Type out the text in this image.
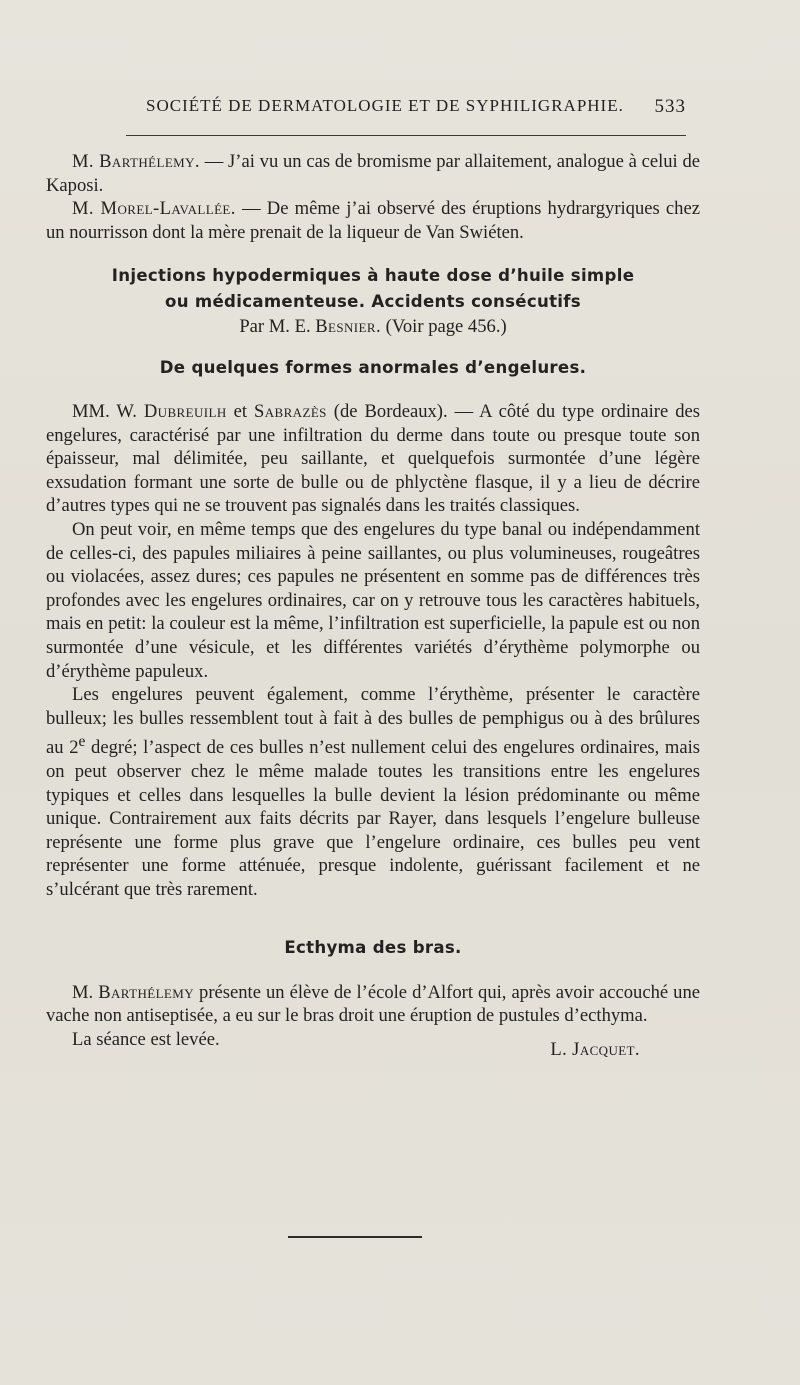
SOCIÉTÉ DE DERMATOLOGIE ET DE SYPHILIGRAPHIE. 533

M. Barthélemy. — J’ai vu un cas de bromisme par allaitement, analogue à celui de Kaposi.

M. Morel-Lavallée. — De même j’ai observé des éruptions hydrargyriques chez un nourrisson dont la mère prenait de la liqueur de Van Swiéten.

Injections hypodermiques à haute dose d’huile simple
ou médicamenteuse. Accidents consécutifs
Par M. E. Besnier. (Voir page 456.)
De quelques formes anormales d’engelures.

MM. W. Dubreuilh et Sabrazès (de Bordeaux). — A côté du type ordinaire des engelures, caractérisé par une infiltration du derme dans toute ou presque toute son épaisseur, mal délimitée, peu saillante, et quelquefois surmontée d’une légère exsudation formant une sorte de bulle ou de phlyctène flasque, il y a lieu de décrire d’autres types qui ne se trouvent pas signalés dans les traités classiques.

On peut voir, en même temps que des engelures du type banal ou indépendamment de celles-ci, des papules miliaires à peine saillantes, ou plus volumineuses, rougeâtres ou violacées, assez dures; ces papules ne présentent en somme pas de différences très profondes avec les engelures ordinaires, car on y retrouve tous les caractères habituels, mais en petit: la couleur est la même, l’infiltration est superficielle, la papule est ou non surmontée d’une vésicule, et les différentes variétés d’érythème polymorphe ou d’érythème papuleux.

Les engelures peuvent également, comme l’érythème, présenter le caractère bulleux; les bulles ressemblent tout à fait à des bulles de pemphigus ou à des brûlures au 2e degré; l’aspect de ces bulles n’est nullement celui des engelures ordinaires, mais on peut observer chez le même malade toutes les transitions entre les engelures typiques et celles dans lesquelles la bulle devient la lésion prédominante ou même unique. Contrairement aux faits décrits par Rayer, dans lesquels l’engelure bulleuse représente une forme plus grave que l’engelure ordinaire, ces bulles peu vent représenter une forme atténuée, presque indolente, guérissant facilement et ne s’ulcérant que très rarement.

Ecthyma des bras.

M. Barthélemy présente un élève de l’école d’Alfort qui, après avoir accouché une vache non antiseptisée, a eu sur le bras droit une éruption de pustules d’ecthyma.

La séance est levée.	L. Jacquet.
